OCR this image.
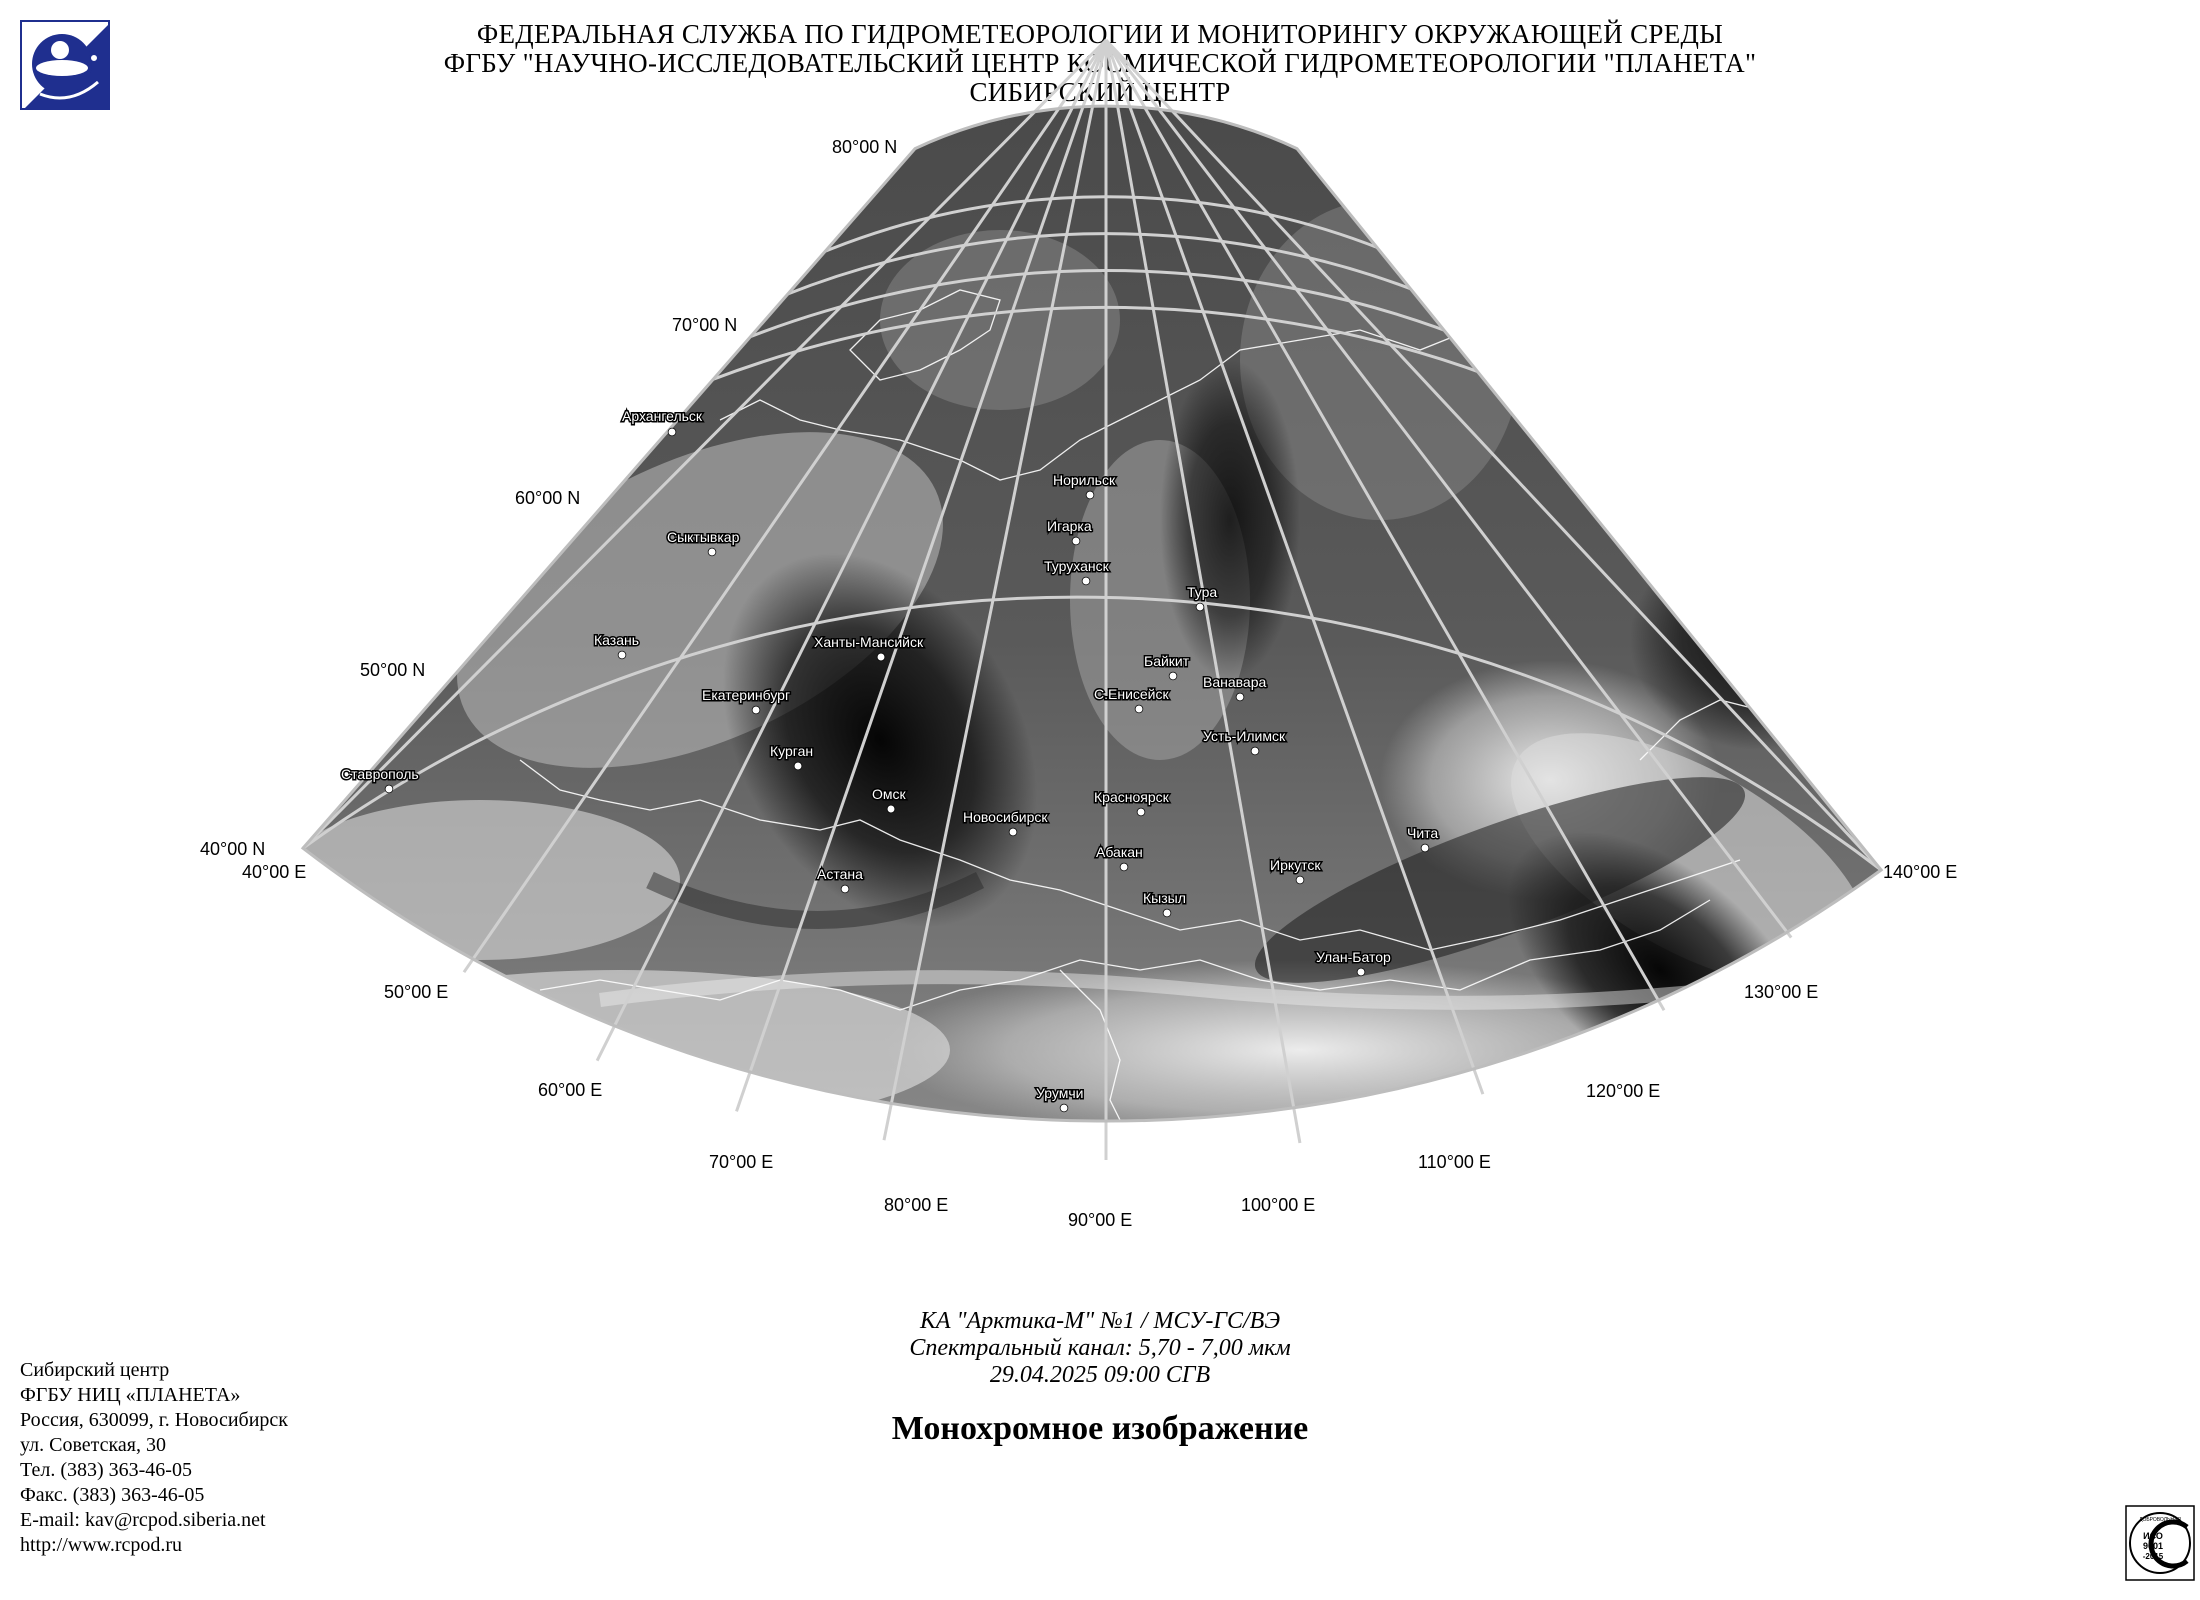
ФЕДЕРАЛЬНАЯ СЛУЖБА ПО ГИДРОМЕТЕОРОЛОГИИ И МОНИТОРИНГУ ОКРУЖАЮЩЕЙ СРЕДЫ
ФГБУ "НАУЧНО-ИССЛЕДОВАТЕЛЬСКИЙ ЦЕНТР КОСМИЧЕСКОЙ ГИДРОМЕТЕОРОЛОГИИ "ПЛАНЕТА"
СИБИРСКИЙ ЦЕНТР
80°00 N
70°00 N
60°00 N
50°00 N
40°00 N
40°00 E
50°00 E
60°00 E
70°00 E
80°00 E
90°00 E
100°00 E
110°00 E
120°00 E
130°00 E
140°00 E
Архангельск
Сыктывкар
Казань
Ставрополь
Екатеринбург
Ханты-Мансийск
Курган
Омск
Астана
Новосибирск
Норильск
Игарка
Туруханск
Тура
Байкит
С.Енисейск
Ванавара
Усть-Илимск
Красноярск
Абакан
Кызыл
Иркутск
Чита
Улан-Батор
Урумчи
КА "Арктика-М" №1 / МСУ-ГС/ВЭ
Спектральный канал: 5,70 - 7,00 мкм
29.04.2025 09:00 СГВ
Монохромное изображение
Сибирский центр
ФГБУ НИЦ «ПЛАНЕТА»
Россия, 630099, г. Новосибирск
ул. Советская, 30
Тел. (383) 363-46-05
Факс. (383) 363-46-05
E-mail: kav@rcpod.siberia.net
http://www.rcpod.ru
ДОБРОВОЛЬНАЯ
ИСО
9001
-2015
